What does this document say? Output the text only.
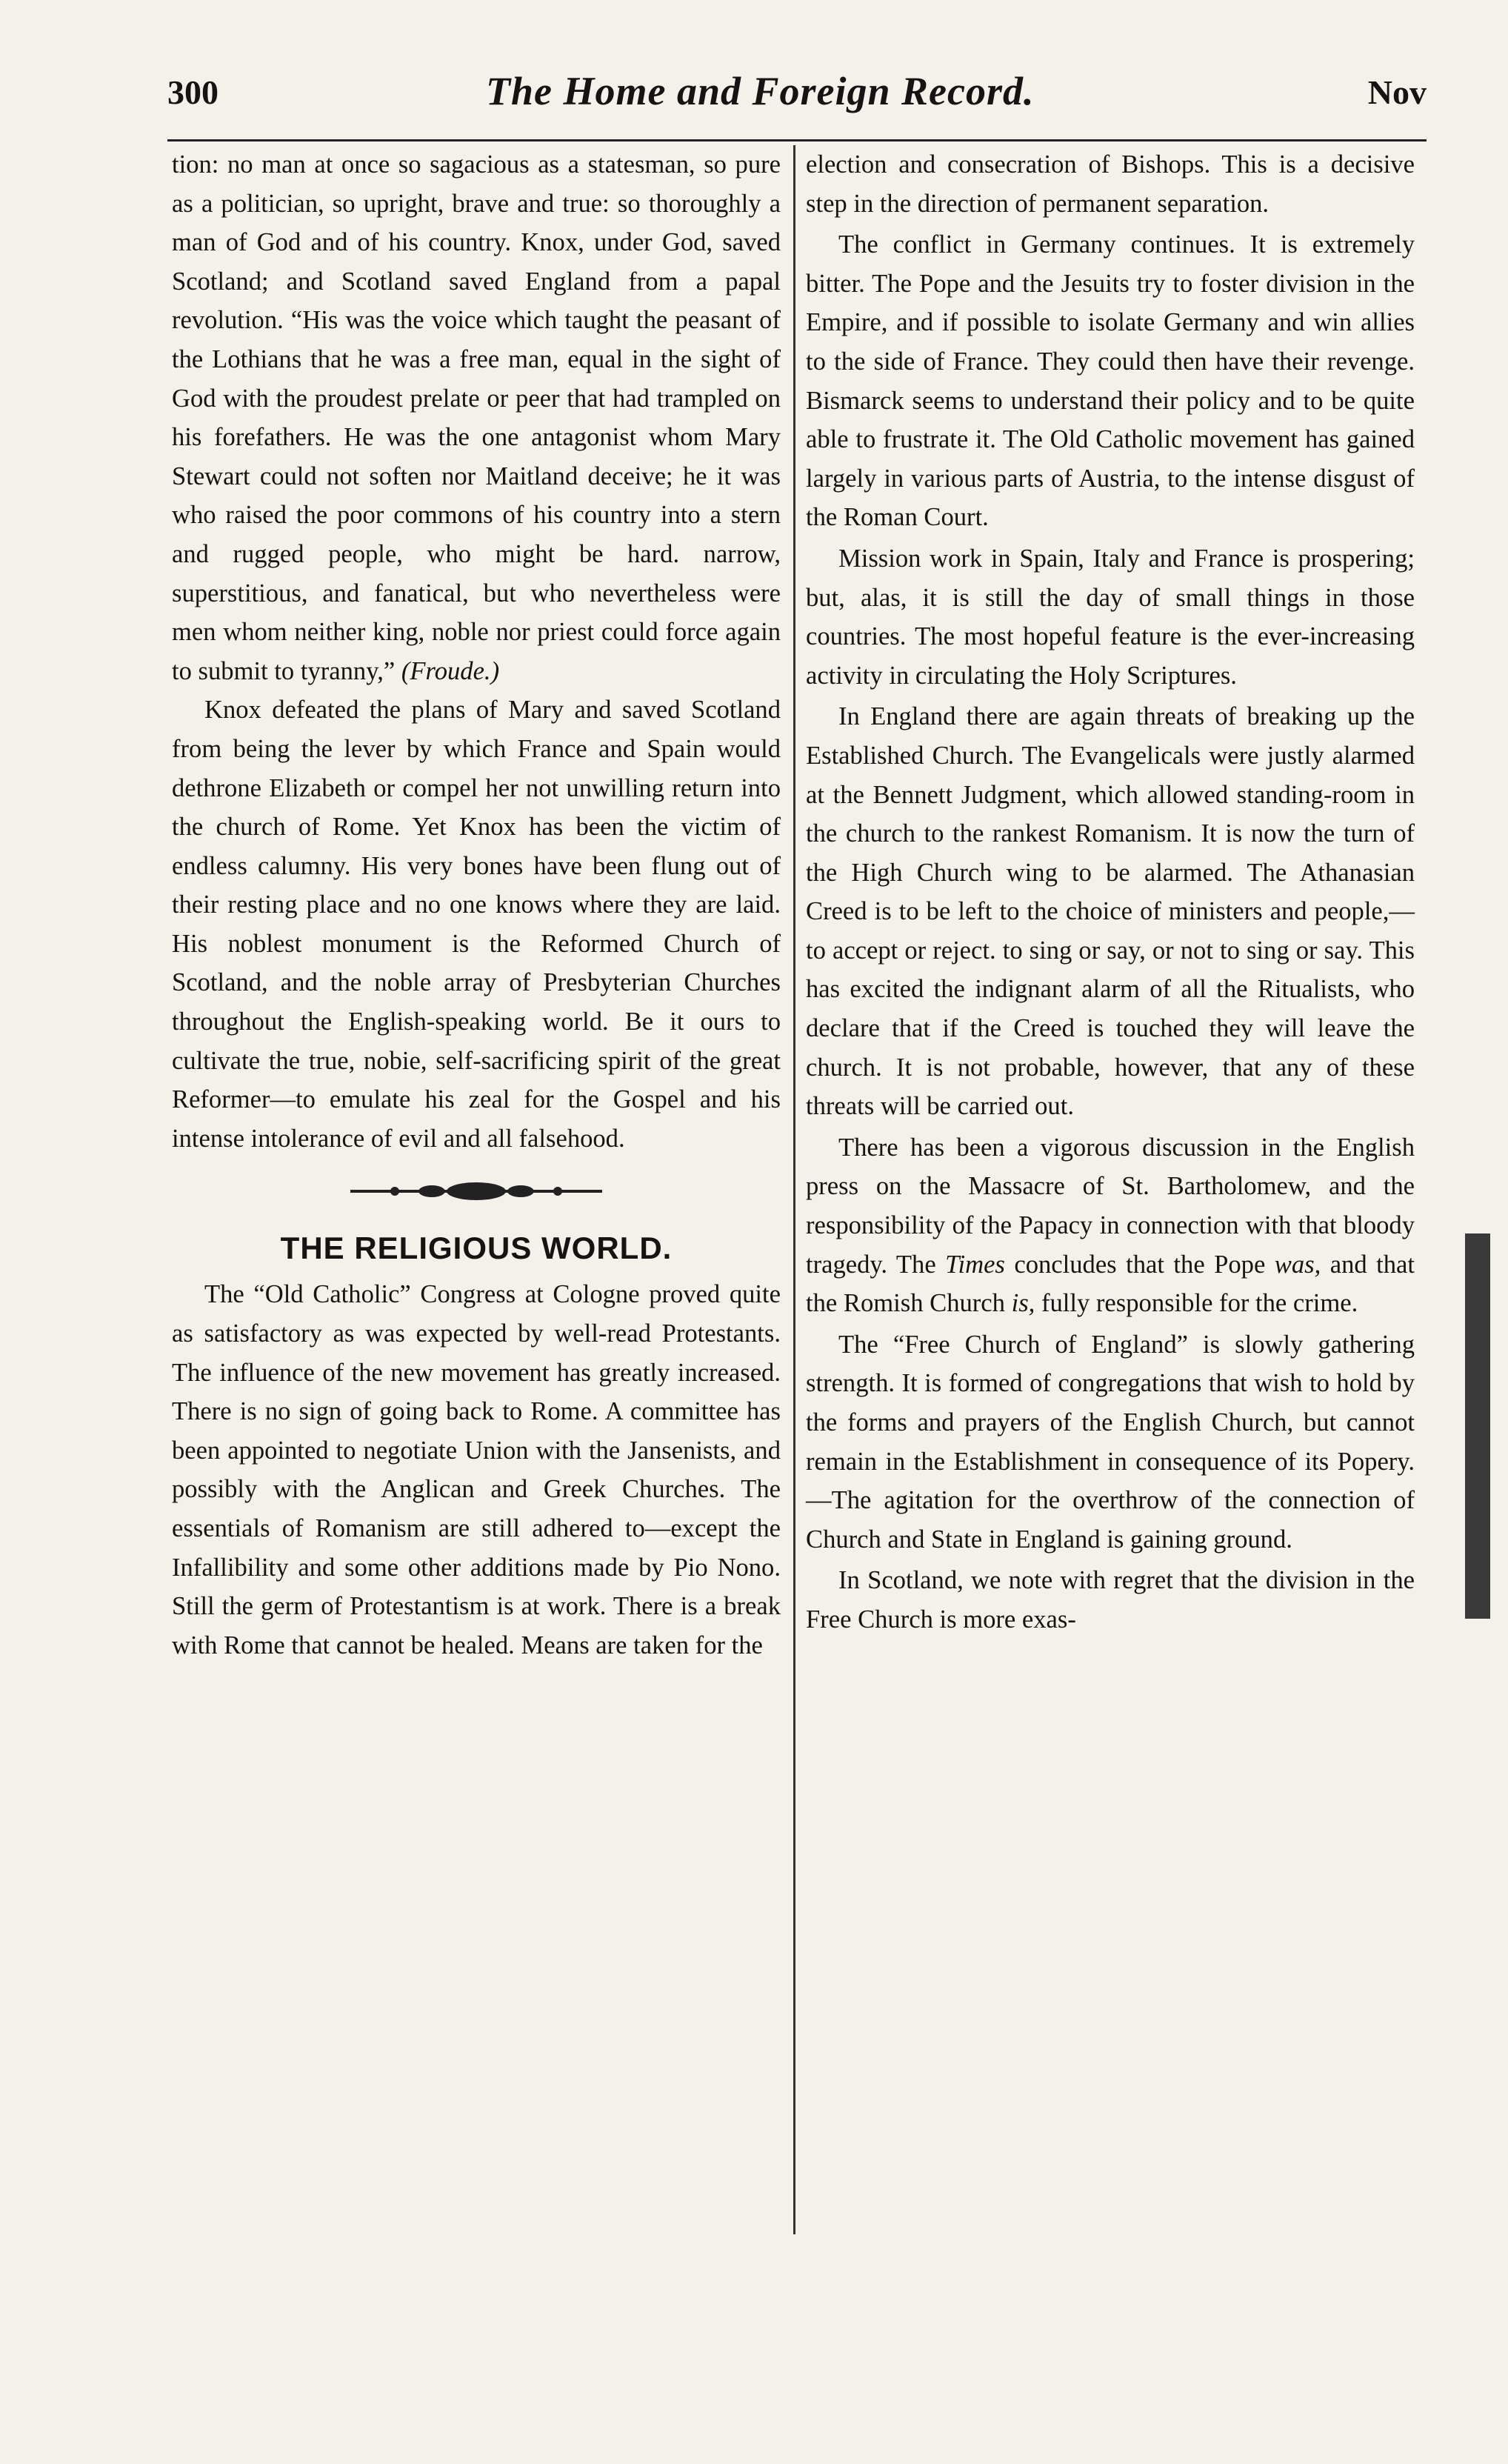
300	The Home and Foreign Record.	Nov

tion: no man at once so sagacious as a statesman, so pure as a politician, so upright, brave and true: so thoroughly a man of God and of his country. Knox, under God, saved Scotland; and Scotland saved England from a papal revolution. “His was the voice which taught the peasant of the Lothians that he was a free man, equal in the sight of God with the proudest prelate or peer that had trampled on his forefathers. He was the one antagonist whom Mary Stewart could not soften nor Maitland deceive; he it was who raised the poor commons of his country into a stern and rugged people, who might be hard. narrow, superstitious, and fanatical, but who nevertheless were men whom neither king, noble nor priest could force again to submit to tyranny,” (Froude.)

Knox defeated the plans of Mary and saved Scotland from being the lever by which France and Spain would dethrone Elizabeth or compel her not unwilling return into the church of Rome. Yet Knox has been the victim of endless calumny. His very bones have been flung out of their resting place and no one knows where they are laid. His noblest monument is the Reformed Church of Scotland, and the noble array of Presbyterian Churches throughout the English-speaking world. Be it ours to cultivate the true, nobie, self-sacrificing spirit of the great Reformer—to emulate his zeal for the Gospel and his intense intolerance of evil and all falsehood.

THE RELIGIOUS WORLD.

The “Old Catholic” Congress at Cologne proved quite as satisfactory as was expected by well-read Protestants. The influence of the new movement has greatly increased. There is no sign of going back to Rome. A committee has been appointed to negotiate Union with the Jansenists, and possibly with the Anglican and Greek Churches. The essentials of Romanism are still adhered to—except the Infallibility and some other additions made by Pio Nono. Still the germ of Protestantism is at work. There is a break with Rome that cannot be healed. Means are taken for the

election and consecration of Bishops. This is a decisive step in the direction of permanent separation.

The conflict in Germany continues. It is extremely bitter. The Pope and the Jesuits try to foster division in the Empire, and if possible to isolate Germany and win allies to the side of France. They could then have their revenge. Bismarck seems to understand their policy and to be quite able to frustrate it. The Old Catholic movement has gained largely in various parts of Austria, to the intense disgust of the Roman Court.

Mission work in Spain, Italy and France is prospering; but, alas, it is still the day of small things in those countries. The most hopeful feature is the ever-increasing activity in circulating the Holy Scriptures.

In England there are again threats of breaking up the Established Church. The Evangelicals were justly alarmed at the Bennett Judgment, which allowed standing-room in the church to the rankest Romanism. It is now the turn of the High Church wing to be alarmed. The Athanasian Creed is to be left to the choice of ministers and people,—to accept or reject. to sing or say, or not to sing or say. This has excited the indignant alarm of all the Ritualists, who declare that if the Creed is touched they will leave the church. It is not probable, however, that any of these threats will be carried out.

There has been a vigorous discussion in the English press on the Massacre of St. Bartholomew, and the responsibility of the Papacy in connection with that bloody tragedy. The Times concludes that the Pope was, and that the Romish Church is, fully responsible for the crime.

The “Free Church of England” is slowly gathering strength. It is formed of congregations that wish to hold by the forms and prayers of the English Church, but cannot remain in the Establishment in consequence of its Popery.—The agitation for the overthrow of the connection of Church and State in England is gaining ground.

In Scotland, we note with regret that the division in the Free Church is more exas-
